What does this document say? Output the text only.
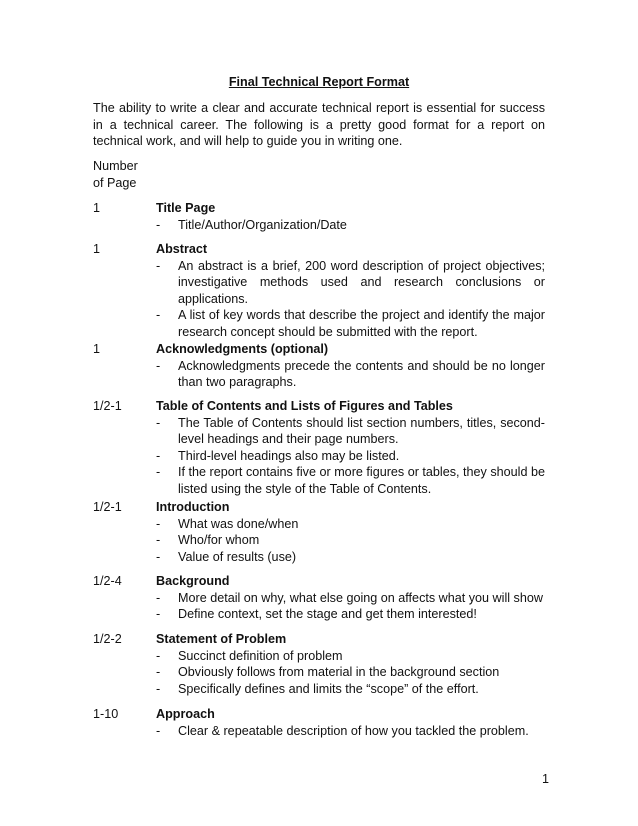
Final Technical Report Format

The ability to write a clear and accurate technical report is essential for success in a technical career. The following is a pretty good format for a report on technical work, and will help to guide you in writing one.

Number
of Page
1	Title Page
- Title/Author/Organization/Date
1	Abstract
- An abstract is a brief, 200 word description of project objectives; investigative methods used and research conclusions or applications.
- A list of key words that describe the project and identify the major research concept should be submitted with the report.
1	Acknowledgments (optional)
- Acknowledgments precede the contents and should be no longer than two paragraphs.
1/2-1	Table of Contents and Lists of Figures and Tables
- The Table of Contents should list section numbers, titles, second-level headings and their page numbers.
- Third-level headings also may be listed.
- If the report contains five or more figures or tables, they should be listed using the style of the Table of Contents.
1/2-1	Introduction
- What was done/when
- Who/for whom
- Value of results (use)
1/2-4	Background
- More detail on why, what else going on affects what you will show
- Define context, set the stage and get them interested!
1/2-2	Statement of Problem
- Succinct definition of problem
- Obviously follows from material in the background section
- Specifically defines and limits the “scope” of the effort.
1-10	Approach
- Clear & repeatable description of how you tackled the problem.
1
